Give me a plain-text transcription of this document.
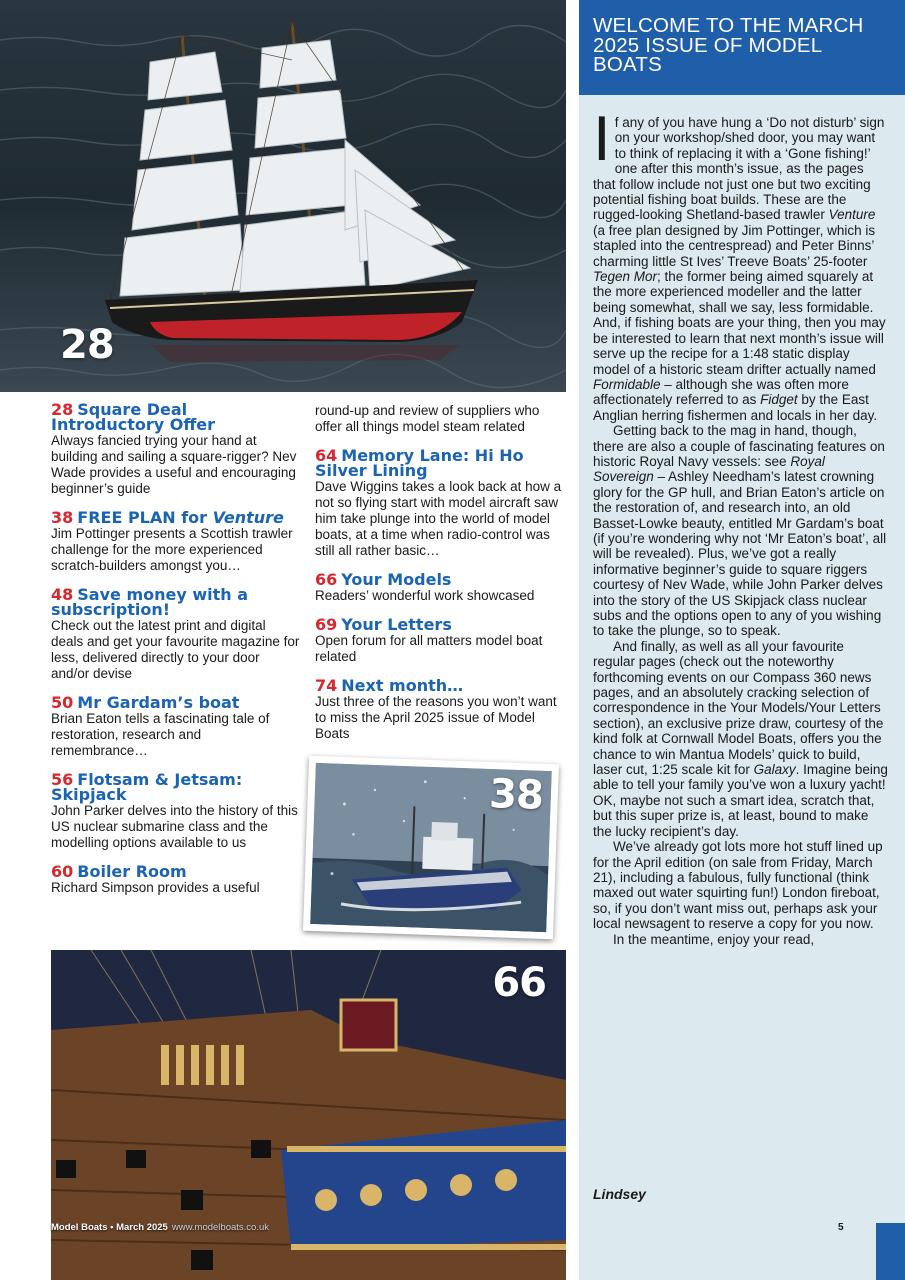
28
28 Square Deal Introductory Offer
Always fancied trying your hand at building and sailing a square-rigger? Nev Wade provides a useful and encouraging beginner’s guide
38 FREE PLAN for Venture
Jim Pottinger presents a Scottish trawler challenge for the more experienced scratch-builders amongst you…
48 Save money with a subscription!
Check out the latest print and digital deals and get your favourite magazine for less, delivered directly to your door and/or devise
50 Mr Gardam’s boat
Brian Eaton tells a fascinating tale of restoration, research and remembrance…
56 Flotsam & Jetsam: Skipjack
John Parker delves into the history of this US nuclear submarine class and the modelling options available to us
60 Boiler Room
Richard Simpson provides a useful
round-up and review of suppliers who offer all things model steam related
64 Memory Lane: Hi Ho Silver Lining
Dave Wiggins takes a look back at how a not so flying start with model aircraft saw him take plunge into the world of model boats, at a time when radio-control was still all rather basic…
66 Your Models
Readers’ wonderful work showcased
69 Your Letters
Open forum for all matters model boat related
74 Next month…
Just three of the reasons you won’t want to miss the April 2025 issue of Model Boats
38
66
Model Boats • March 2025 www.modelboats.co.uk
WELCOME TO THE MARCH 2025 ISSUE OF MODEL BOATS

If any of you have hung a ‘Do not disturb’ sign on your workshop/shed door, you may want to think of replacing it with a ‘Gone fishing!’ one after this month’s issue, as the pages that follow include not just one but two exciting potential fishing boat builds. These are the rugged-looking Shetland-based trawler Venture (a free plan designed by Jim Pottinger, which is stapled into the centrespread) and Peter Binns’ charming little St Ives’ Treeve Boats’ 25-footer Tegen Mor; the former being aimed squarely at the more experienced modeller and the latter being somewhat, shall we say, less formidable. And, if fishing boats are your thing, then you may be interested to learn that next month’s issue will serve up the recipe for a 1:48 static display model of a historic steam drifter actually named Formidable – although she was often more affectionately referred to as Fidget by the East Anglian herring fishermen and locals in her day.

Getting back to the mag in hand, though, there are also a couple of fascinating features on historic Royal Navy vessels: see Royal Sovereign – Ashley Needham’s latest crowning glory for the GP hull, and Brian Eaton’s article on the restoration of, and research into, an old Basset-Lowke beauty, entitled Mr Gardam’s boat (if you’re wondering why not ‘Mr Eaton’s boat’, all will be revealed). Plus, we’ve got a really informative beginner’s guide to square riggers courtesy of Nev Wade, while John Parker delves into the story of the US Skipjack class nuclear subs and the options open to any of you wishing to take the plunge, so to speak.

And finally, as well as all your favourite regular pages (check out the noteworthy forthcoming events on our Compass 360 news pages, and an absolutely cracking selection of correspondence in the Your Models/Your Letters section), an exclusive prize draw, courtesy of the kind folk at Cornwall Model Boats, offers you the chance to win Mantua Models’ quick to build, laser cut, 1:25 scale kit for Galaxy. Imagine being able to tell your family you’ve won a luxury yacht! OK, maybe not such a smart idea, scratch that, but this super prize is, at least, bound to make the lucky recipient’s day.

We’ve already got lots more hot stuff lined up for the April edition (on sale from Friday, March 21), including a fabulous, fully functional (think maxed out water squirting fun!) London fireboat, so, if you don’t want miss out, perhaps ask your local newsagent to reserve a copy for you now.

In the meantime, enjoy your read,

Lindsey
5
